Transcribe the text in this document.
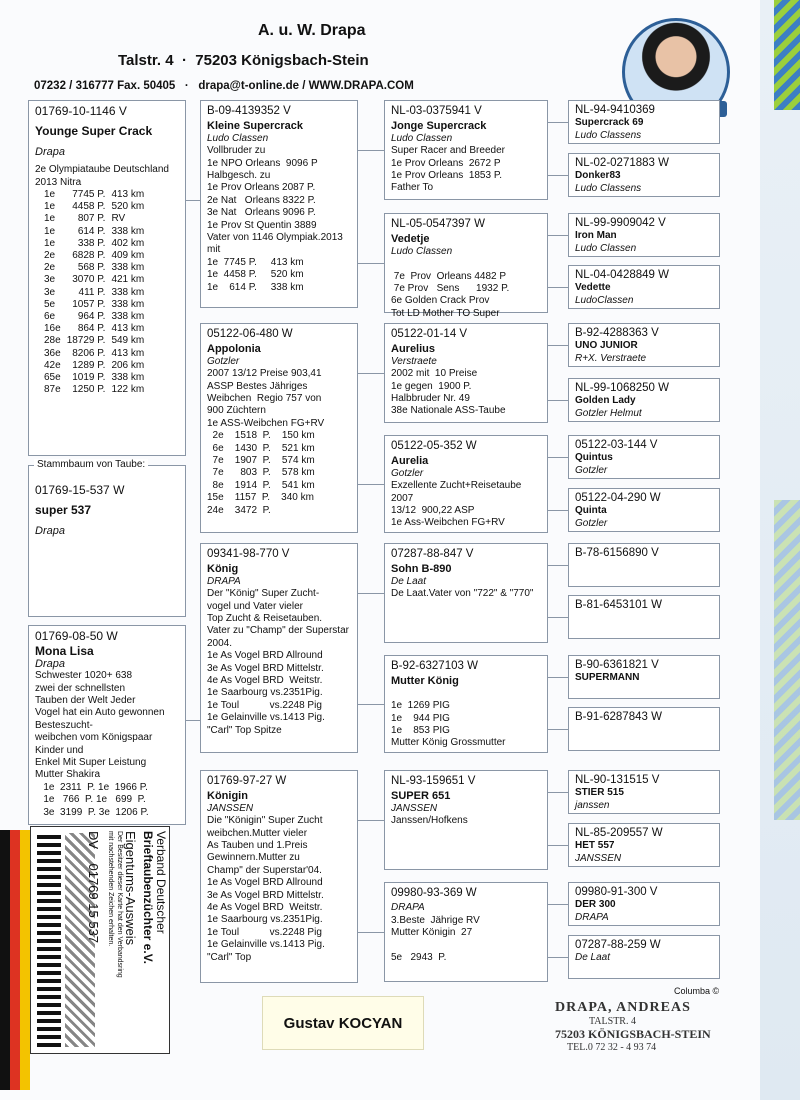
A. u. W. Drapa
Talstr. 4 · 75203 Königsbach-Stein
07232 / 316777 Fax. 50405 · drapa@t-online.de / WWW.DRAPA.COM
01769-10-1146 V
Younge Super Crack
Drapa
2e Olympiataube Deutschland
2013 Nitra
1e	7745 P.	413 km
1e	4458 P.	520 km
1e	807 P.	RV
1e	614 P.	338 km
1e	338 P.	402 km
2e	6828 P.	409 km
2e	568 P.	338 km
3e	3070 P.	421 km
3e	411 P.	338 km
5e	1057 P.	338 km
6e	964 P.	338 km
16e	864 P.	413 km
28e	18729 P.	549 km
36e	8206 P.	413 km
42e	1289 P.	206 km
65e	1019 P.	338 km
87e	1250 P.	122 km
01769-15-537 W
super 537
Drapa
Stammbaum von Taube:
01769-08-50 W
Mona Lisa
Drapa
Schwester 1020+ 638
zwei der schnellsten
Tauben der Welt Jeder
Vogel hat ein Auto gewonnen
Besteszucht-
weibchen vom Königspaar
Kinder und
Enkel Mit Super Leistung
Mutter Shakira
1e  2311  P. 1e  1966 P.
1e   766  P. 1e   699  P.
3e  3199  P. 3e  1206 P.
B-09-4139352 V
Kleine Supercrack
Ludo Classen
Vollbruder zu
1e NPO Orleans  9096 P
Halbgesch. zu
1e Prov Orleans 2087 P.
2e Nat   Orleans 8322 P.
3e Nat   Orleans 9096 P.
1e Prov St Quentin 3889
Vater von 1146 Olympiak.2013
mit
1e  7745 P.     413 km
1e  4458 P.     520 km
1e    614 P.     338 km
05122-06-480 W
Appolonia
Gotzler
2007 13/12 Preise 903,41
ASSP Bestes Jähriges
Weibchen  Regio 757 von
900 Züchtern
1e ASS-Weibchen FG+RV
2e    1518  P.    150 km
6e    1430  P.    521 km
7e    1907  P.    574 km
7e      803  P.    578 km
8e    1914  P.    541 km
15e    1157  P.    340 km
24e    3472  P.
09341-98-770 V
König
DRAPA
Der "König" Super Zucht-
vogel und Vater vieler
Top Zucht & Reisetauben.
Vater zu "Champ" der Superstar
2004.
1e As Vogel BRD Allround
3e As Vogel BRD Mittelstr.
4e As Vogel BRD  Weitstr.
1e Saarbourg vs.2351Pig.
1e Toul           vs.2248 Pig
1e Gelainville vs.1413 Pig.
"Carl" Top Spitze
01769-97-27 W
Königin
JANSSEN
Die "Königin" Super Zucht
weibchen.Mutter vieler
As Tauben und 1.Preis
Gewinnern.Mutter zu
Champ" der Superstar'04.
1e As Vogel BRD Allround
3e As Vogel BRD Mittelstr.
4e As Vogel BRD  Weitstr.
1e Saarbourg vs.2351Pig.
1e Toul           vs.2248 Pig
1e Gelainville vs.1413 Pig.
"Carl" Top
NL-03-0375941 V
Jonge Supercrack
Ludo Classen
Super Racer and Breeder
1e Prov Orleans  2672 P
1e Prov Orleans  1853 P.
Father To
NL-05-0547397 W
Vedetje
Ludo Classen

7e  Prov  Orleans 4482 P
7e Prov   Sens      1932 P.
6e Golden Crack Prov
Tot LD Mother TO Super
05122-01-14 V
Aurelius
Verstraete
2002 mit  10 Preise
1e gegen  1900 P.
Halbbruder Nr. 49
38e Nationale ASS-Taube
05122-05-352 W
Aurelia
Gotzler
Exzellente Zucht+Reisetaube
2007
13/12  900,22 ASP
1e Ass-Weibchen FG+RV
07287-88-847 V
Sohn B-890
De Laat
De Laat.Vater von "722" & "770"
B-92-6327103 W
Mutter König

1e  1269 PIG
1e    944 PIG
1e    853 PIG
Mutter König Grossmutter
NL-93-159651 V
SUPER 651
JANSSEN
Janssen/Hofkens
09980-93-369 W
DRAPA
3.Beste  Jährige RV
Mutter Königin  27

5e   2943  P.
NL-94-9410369
Supercrack 69
Ludo Classens
NL-02-0271883 W
Donker83
Ludo Classens
NL-99-9909042 V
Iron Man
Ludo Classen
NL-04-0428849 W
Vedette
LudoClassen
B-92-4288363 V
UNO JUNIOR
R+X. Verstraete
NL-99-1068250 W
Golden Lady
Gotzler Helmut
05122-03-144 V
Quintus
Gotzler
05122-04-290 W
Quinta
Gotzler
B-78-6156890 V
B-81-6453101 W
B-90-6361821 V
SUPERMANN
B-91-6287843 W
NL-90-131515 V
STIER 515
janssen
NL-85-209557 W
HET 557
JANSSEN
09980-91-300 V
DER 300
DRAPA
07287-88-259 W
De Laat
Verband Deutscher
Brieftaubenzüchter e.V.
Eigentums-Ausweis
Der Besitzer dieser Karte hat den Verbandsring
mit nachstehenden Zeichen erhalten.
DV    01769 15 537
Gustav KOCYAN
Columba ©
DRAPA, ANDREAS
TALSTR. 4
75203 KÖNIGSBACH-STEIN
TEL.0 72 32 - 4 93 74
